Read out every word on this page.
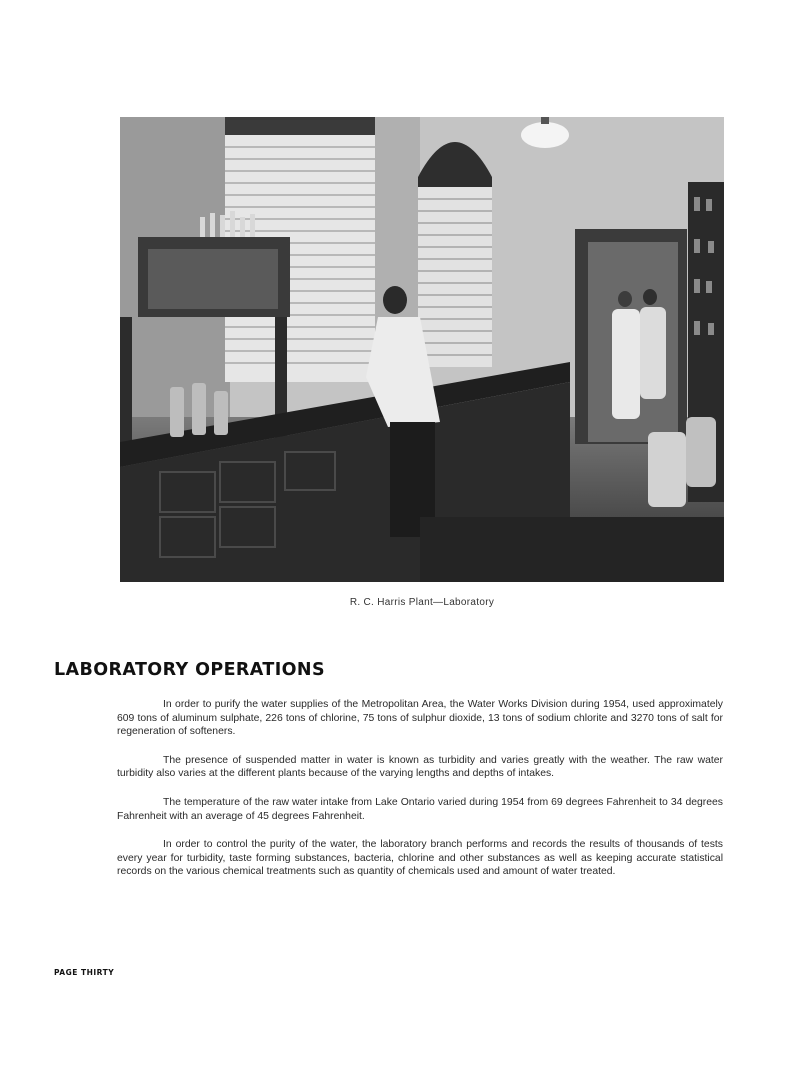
R. C. Harris Plant—Laboratory
LABORATORY OPERATIONS

In order to purify the water supplies of the Metropolitan Area, the Water Works Division during 1954, used approximately 609 tons of aluminum sulphate, 226 tons of chlorine, 75 tons of sulphur dioxide, 13 tons of sodium chlorite and 3270 tons of salt for regeneration of softeners.

The presence of suspended matter in water is known as turbidity and varies greatly with the weather. The raw water turbidity also varies at the different plants because of the varying lengths and depths of intakes.

The temperature of the raw water intake from Lake Ontario varied during 1954 from 69 degrees Fahrenheit to 34 degrees Fahrenheit with an average of 45 degrees Fahrenheit.

In order to control the purity of the water, the laboratory branch performs and records the results of thousands of tests every year for turbidity, taste forming substances, bacteria, chlorine and other substances as well as keeping accurate statistical records on the various chemical treatments such as quantity of chemicals used and amount of water treated.

PAGE THIRTY
